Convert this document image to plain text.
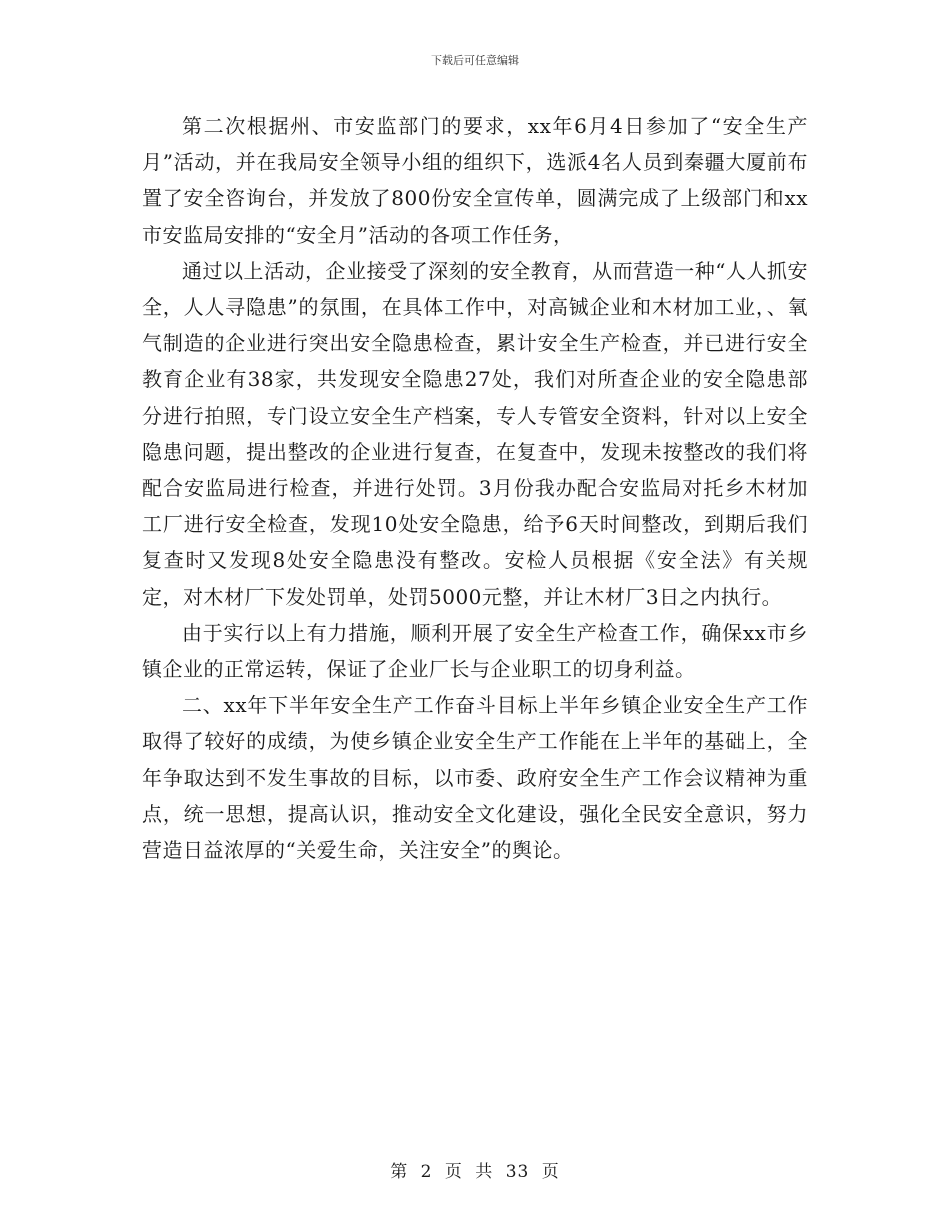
下载后可任意编辑

第二次根据州、市安监部门的要求，xx年6月4日参加了“安全生产月”活动，并在我局安全领导小组的组织下，选派4名人员到秦疆大厦前布置了安全咨询台，并发放了800份安全宣传单，圆满完成了上级部门和xx市安监局安排的“安全月”活动的各项工作任务，

通过以上活动，企业接受了深刻的安全教育，从而营造一种“人人抓安全，人人寻隐患”的氛围，在具体工作中，对高铖企业和木材加工业，、氧气制造的企业进行突出安全隐患检查，累计安全生产检查，并已进行安全教育企业有38家，共发现安全隐患27处，我们对所查企业的安全隐患部分进行拍照，专门设立安全生产档案，专人专管安全资料，针对以上安全隐患问题，提出整改的企业进行复查，在复查中，发现未按整改的我们将配合安监局进行检查，并进行处罚。3月份我办配合安监局对托乡木材加工厂进行安全检查，发现10处安全隐患，给予6天时间整改，到期后我们复查时又发现8处安全隐患没有整改。安检人员根据《安全法》有关规定，对木材厂下发处罚单，处罚5000元整，并让木材厂3日之内执行。

由于实行以上有力措施，顺利开展了安全生产检查工作，确保xx市乡镇企业的正常运转，保证了企业厂长与企业职工的切身利益。

二、xx年下半年安全生产工作奋斗目标上半年乡镇企业安全生产工作取得了较好的成绩，为使乡镇企业安全生产工作能在上半年的基础上，全年争取达到不发生事故的目标，以市委、政府安全生产工作会议精神为重点，统一思想，提高认识，推动安全文化建设，强化全民安全意识，努力营造日益浓厚的“关爱生命，关注安全”的舆论。

第 2 页 共 33 页
